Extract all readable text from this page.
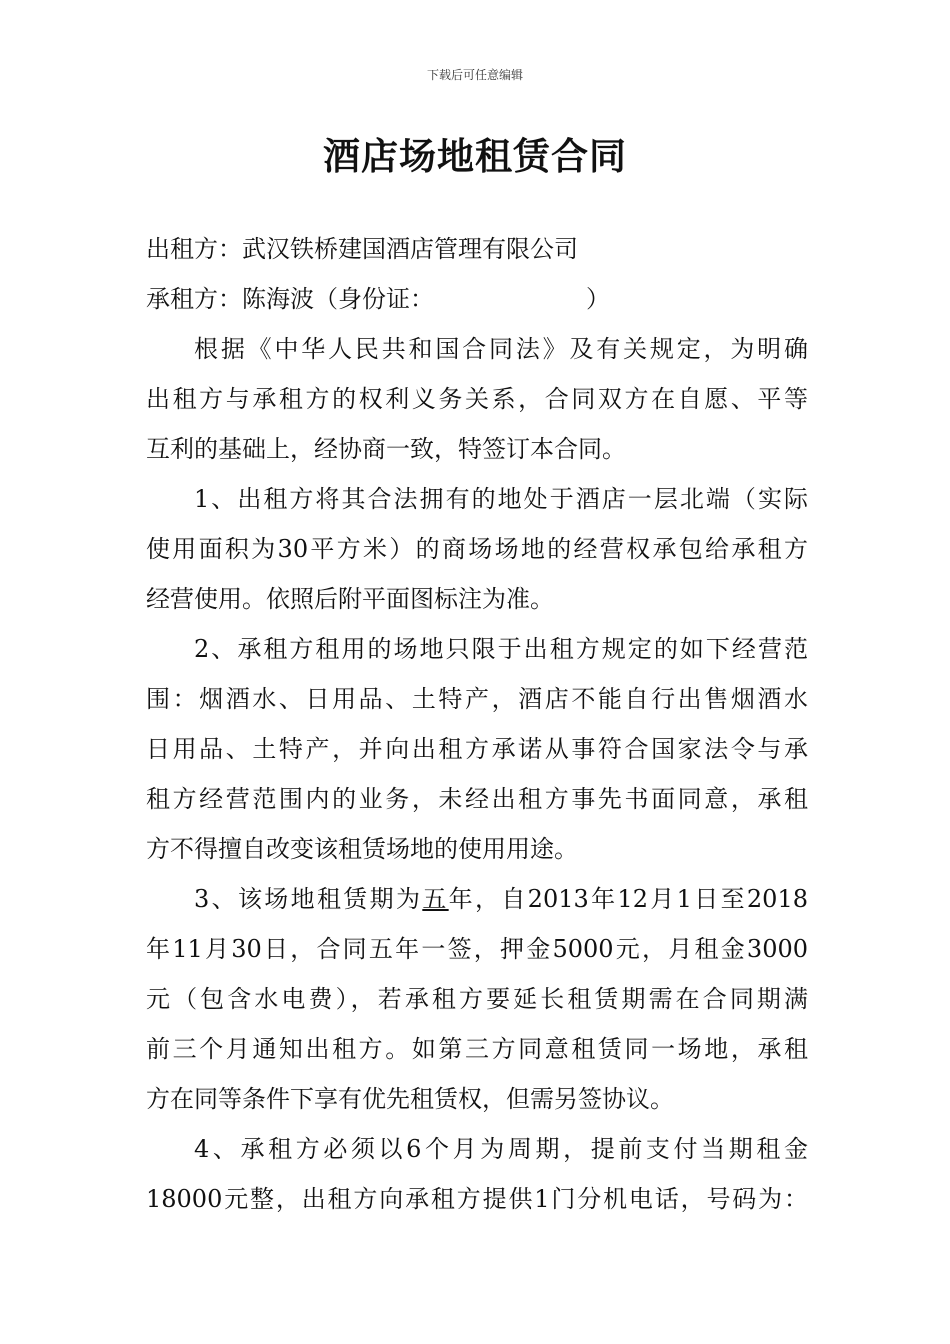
下载后可任意编辑
酒店场地租赁合同
出租方：武汉铁桥建国酒店管理有限公司
承租方：陈海波（身份证：	）
根据《中华人民共和国合同法》及有关规定，为明确
出租方与承租方的权利义务关系，合同双方在自愿、平等
互利的基础上，经协商一致，特签订本合同。
1、出租方将其合法拥有的地处于酒店一层北端（实际
使用面积为30平方米）的商场场地的经营权承包给承租方
经营使用。依照后附平面图标注为准。
2、承租方租用的场地只限于出租方规定的如下经营范
围：烟酒水、日用品、土特产，酒店不能自行出售烟酒水
日用品、土特产，并向出租方承诺从事符合国家法令与承
租方经营范围内的业务，未经出租方事先书面同意，承租
方不得擅自改变该租赁场地的使用用途。
3、该场地租赁期为五年，自2013年12月1日至2018
年11月30日，合同五年一签，押金5000元，月租金3000
元（包含水电费），若承租方要延长租赁期需在合同期满
前三个月通知出租方。如第三方同意租赁同一场地，承租
方在同等条件下享有优先租赁权，但需另签协议。
4、承租方必须以6个月为周期，提前支付当期租金
18000元整，出租方向承租方提供1门分机电话，号码为：
